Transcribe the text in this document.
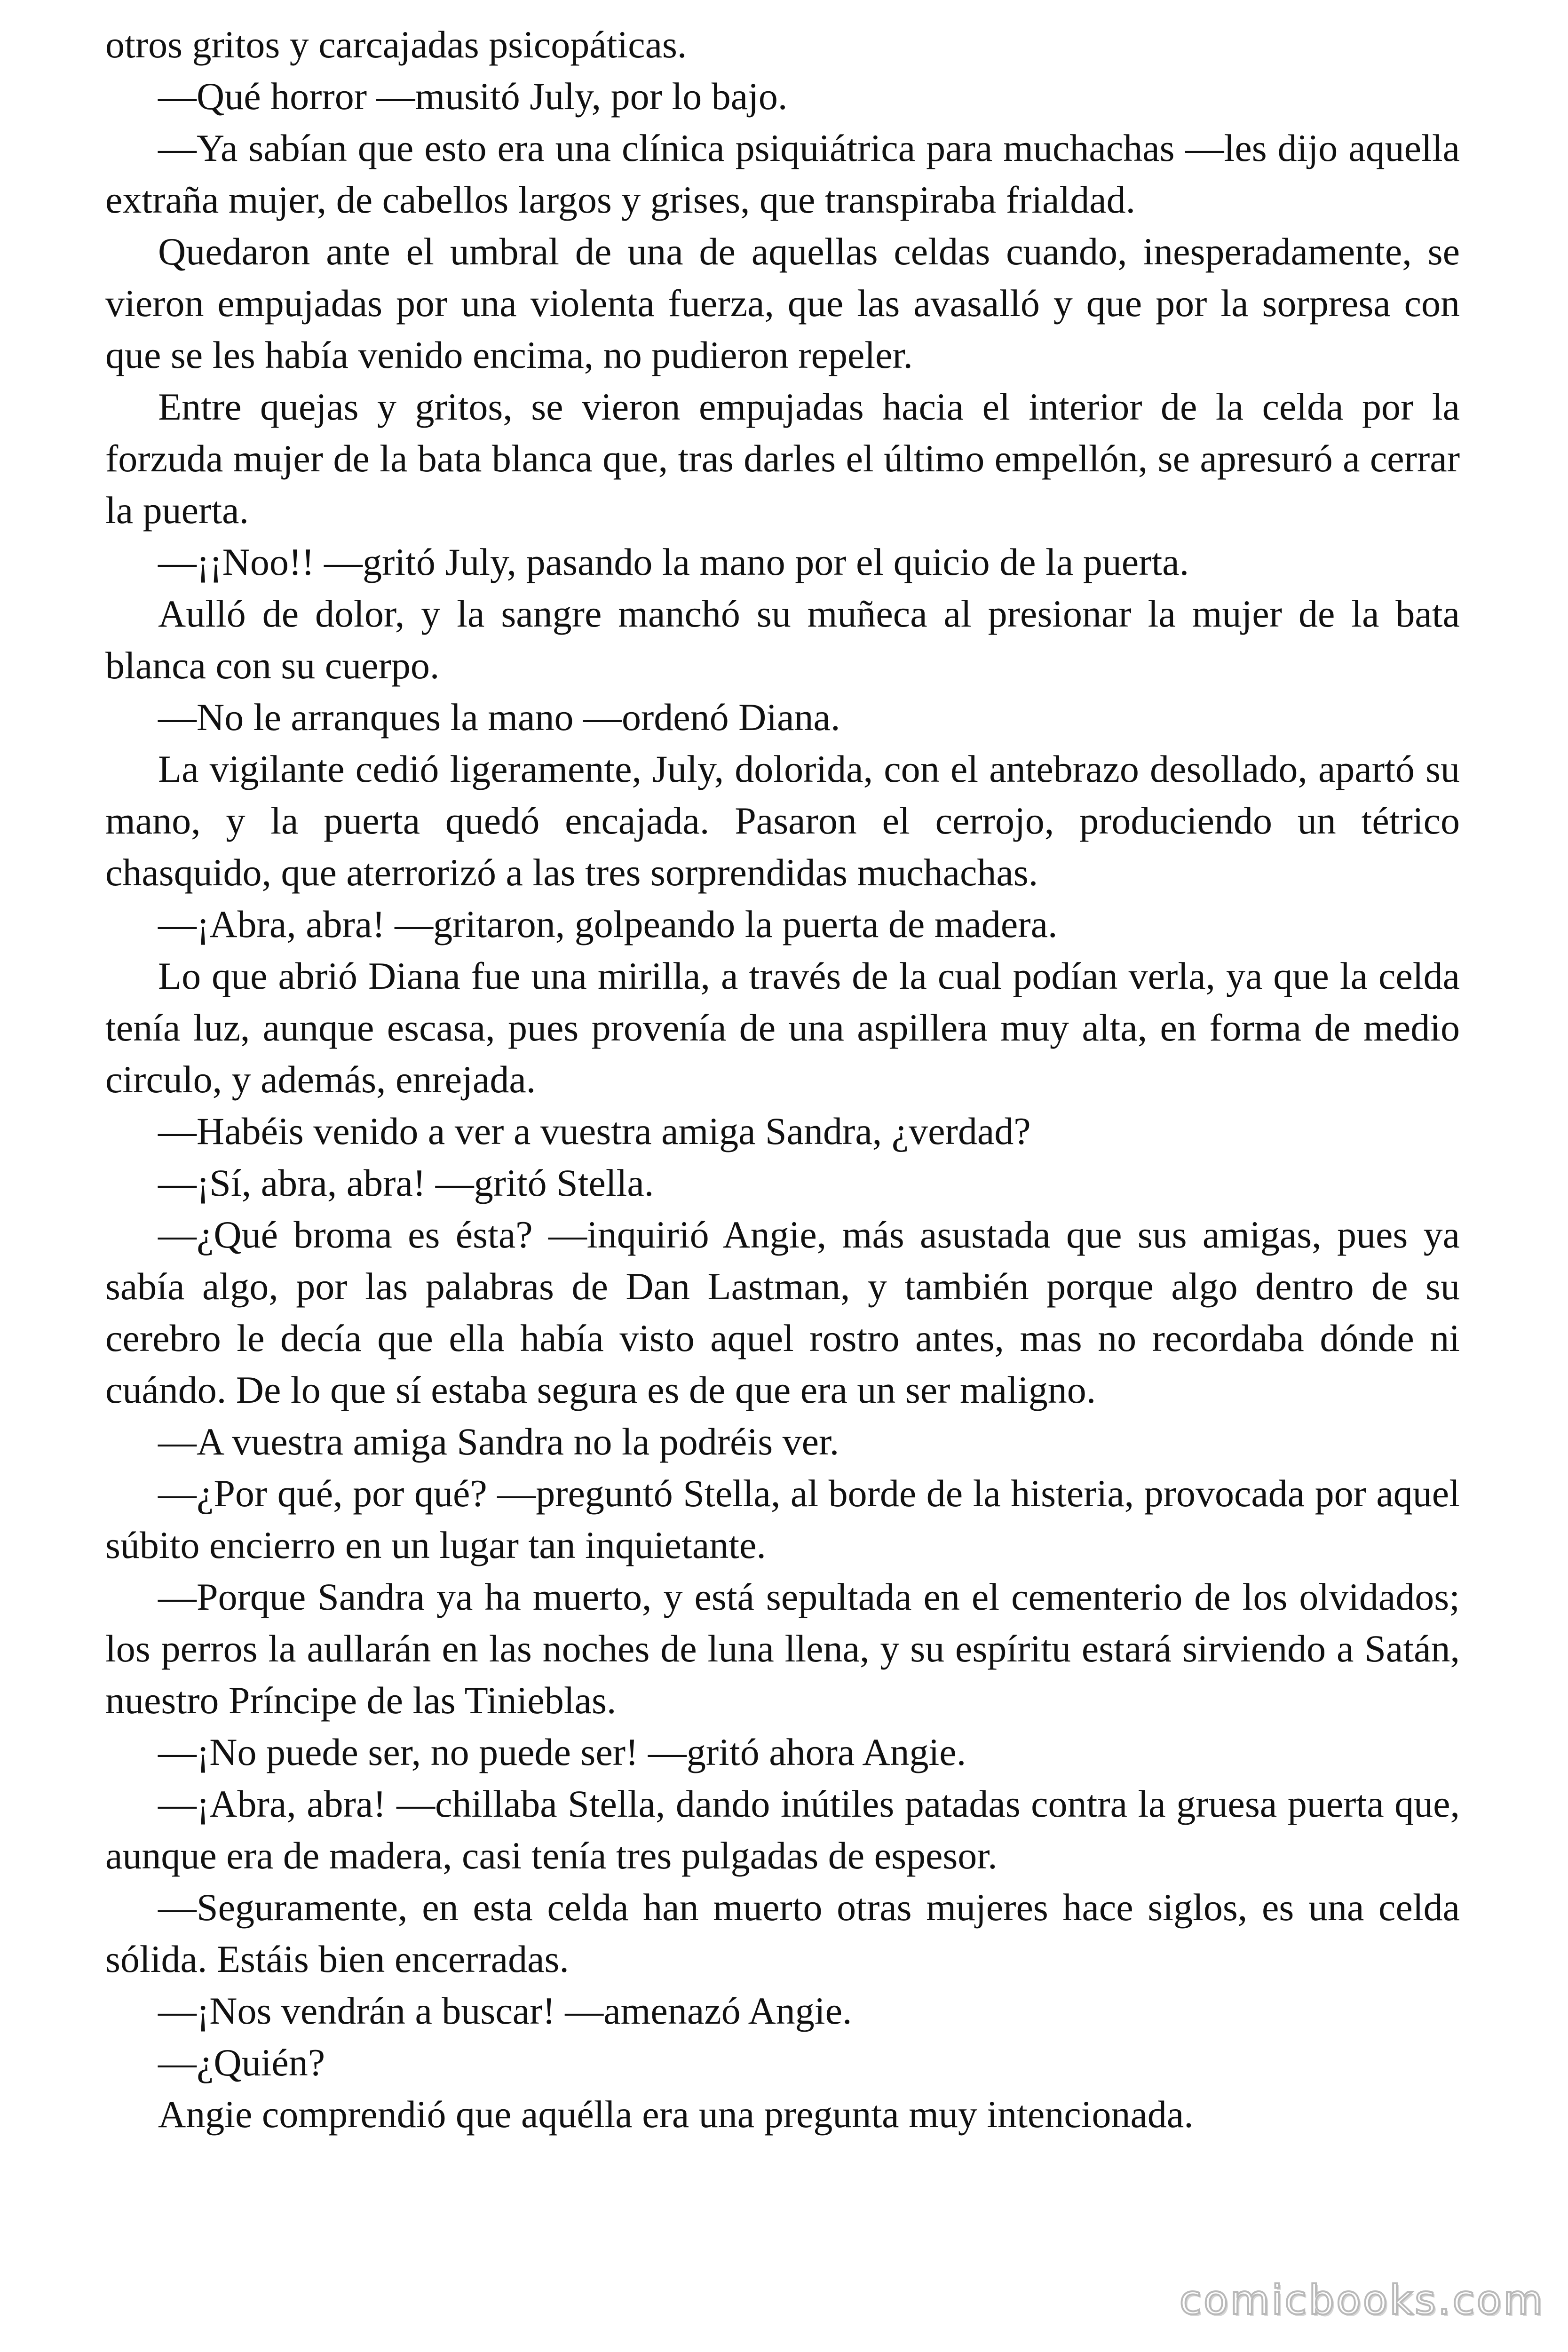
otros gritos y carcajadas psicopáticas.

—Qué horror —musitó July, por lo bajo.

—Ya sabían que esto era una clínica psiquiátrica para muchachas —les dijo aquella extraña mujer, de cabellos largos y grises, que transpiraba frialdad.

Quedaron ante el umbral de una de aquellas celdas cuando, inesperadamente, se vieron empujadas por una violenta fuerza, que las avasalló y que por la sorpresa con que se les había venido encima, no pudieron repeler.

Entre quejas y gritos, se vieron empujadas hacia el interior de la celda por la forzuda mujer de la bata blanca que, tras darles el último empellón, se apresuró a cerrar la puerta.

—¡¡Noo!! —gritó July, pasando la mano por el quicio de la puerta.

Aulló de dolor, y la sangre manchó su muñeca al presionar la mujer de la bata blanca con su cuerpo.

—No le arranques la mano —ordenó Diana.

La vigilante cedió ligeramente, July, dolorida, con el antebrazo desollado, apartó su mano, y la puerta quedó encajada. Pasaron el cerrojo, produciendo un tétrico chasquido, que aterrorizó a las tres sorprendidas muchachas.

—¡Abra, abra! —gritaron, golpeando la puerta de madera.

Lo que abrió Diana fue una mirilla, a través de la cual podían verla, ya que la celda tenía luz, aunque escasa, pues provenía de una aspillera muy alta, en forma de medio circulo, y además, enrejada.

—Habéis venido a ver a vuestra amiga Sandra, ¿verdad?

—¡Sí, abra, abra! —gritó Stella.

—¿Qué broma es ésta? —inquirió Angie, más asustada que sus amigas, pues ya sabía algo, por las palabras de Dan Lastman, y también porque algo dentro de su cerebro le decía que ella había visto aquel rostro antes, mas no recordaba dónde ni cuándo. De lo que sí estaba segura es de que era un ser maligno.

—A vuestra amiga Sandra no la podréis ver.

—¿Por qué, por qué? —preguntó Stella, al borde de la histeria, provocada por aquel súbito encierro en un lugar tan inquietante.

—Porque Sandra ya ha muerto, y está sepultada en el cementerio de los olvidados; los perros la aullarán en las noches de luna llena, y su espíritu estará sirviendo a Satán, nuestro Príncipe de las Tinieblas.

—¡No puede ser, no puede ser! —gritó ahora Angie.

—¡Abra, abra! —chillaba Stella, dando inútiles patadas contra la gruesa puerta que, aunque era de madera, casi tenía tres pulgadas de espesor.

—Seguramente, en esta celda han muerto otras mujeres hace siglos, es una celda sólida. Estáis bien encerradas.

—¡Nos vendrán a buscar! —amenazó Angie.

—¿Quién?

Angie comprendió que aquélla era una pregunta muy intencionada.

comicbooks.com
